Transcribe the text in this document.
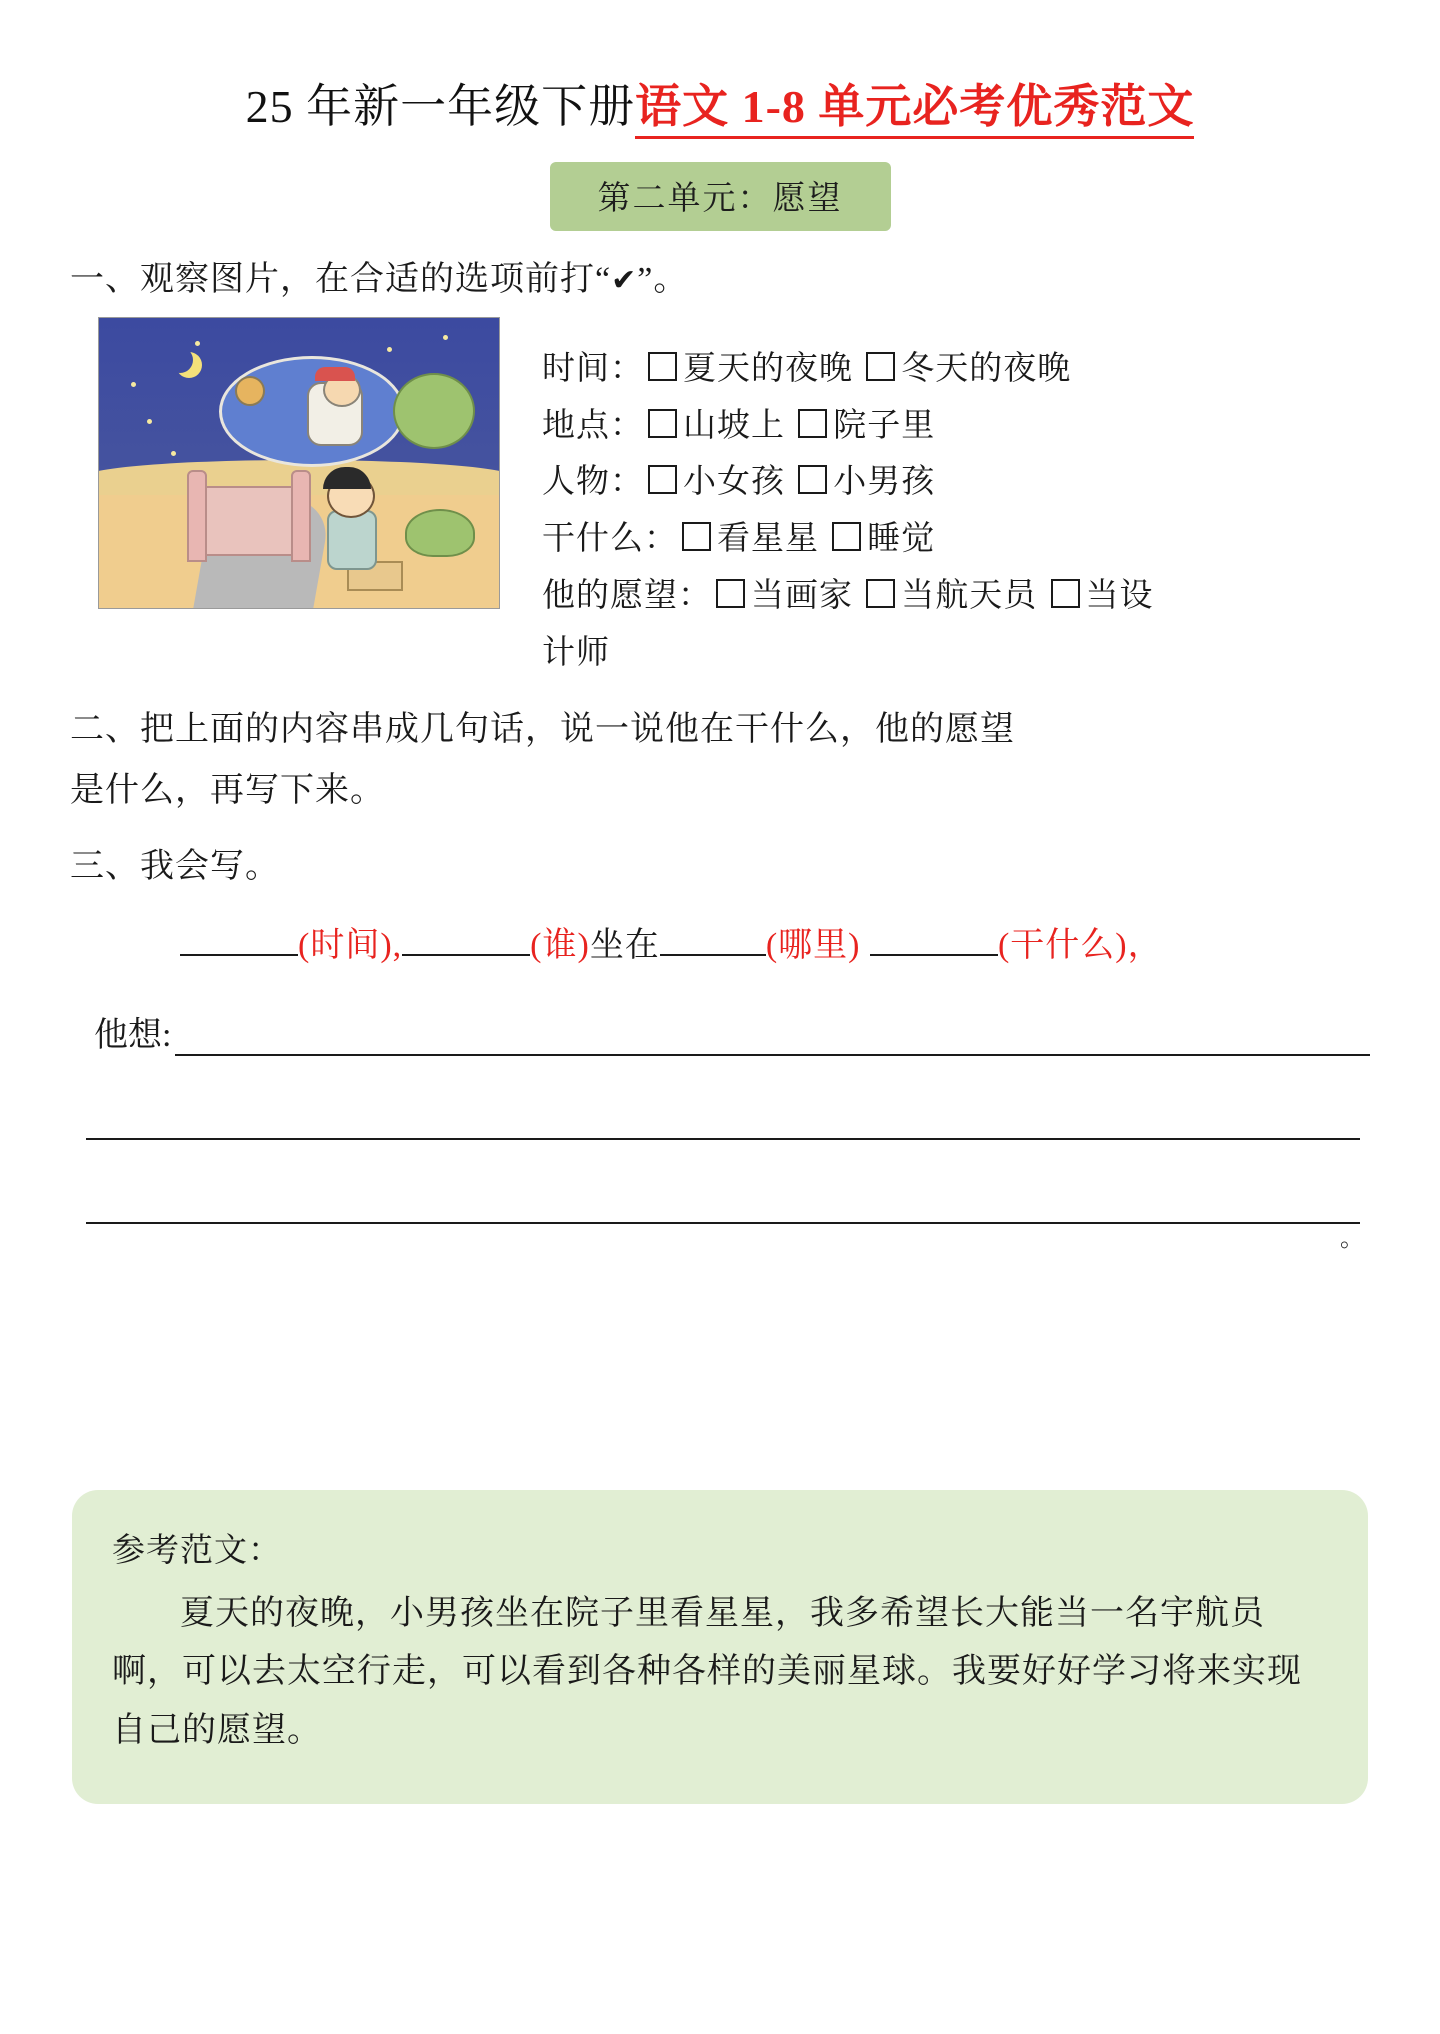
25 年新一年级下册语文 1-8 单元必考优秀范文
第二单元：愿望
一、观察图片，在合适的选项前打“✔”。
时间： 夏天的夜晚 冬天的夜晚
地点： 山坡上 院子里
人物： 小女孩 小男孩
干什么： 看星星 睡觉
他的愿望： 当画家 当航天员 当设
计师
二、把上面的内容串成几句话，说一说他在干什么，他的愿望
是什么，再写下来。
三、我会写。
(时间),	(谁)坐在	(哪里)	(干什么)，
他想:
。
参考范文：
夏天的夜晚，小男孩坐在院子里看星星，我多希望长大能当一名宇航员啊，可以去太空行走，可以看到各种各样的美丽星球。我要好好学习将来实现自己的愿望。
